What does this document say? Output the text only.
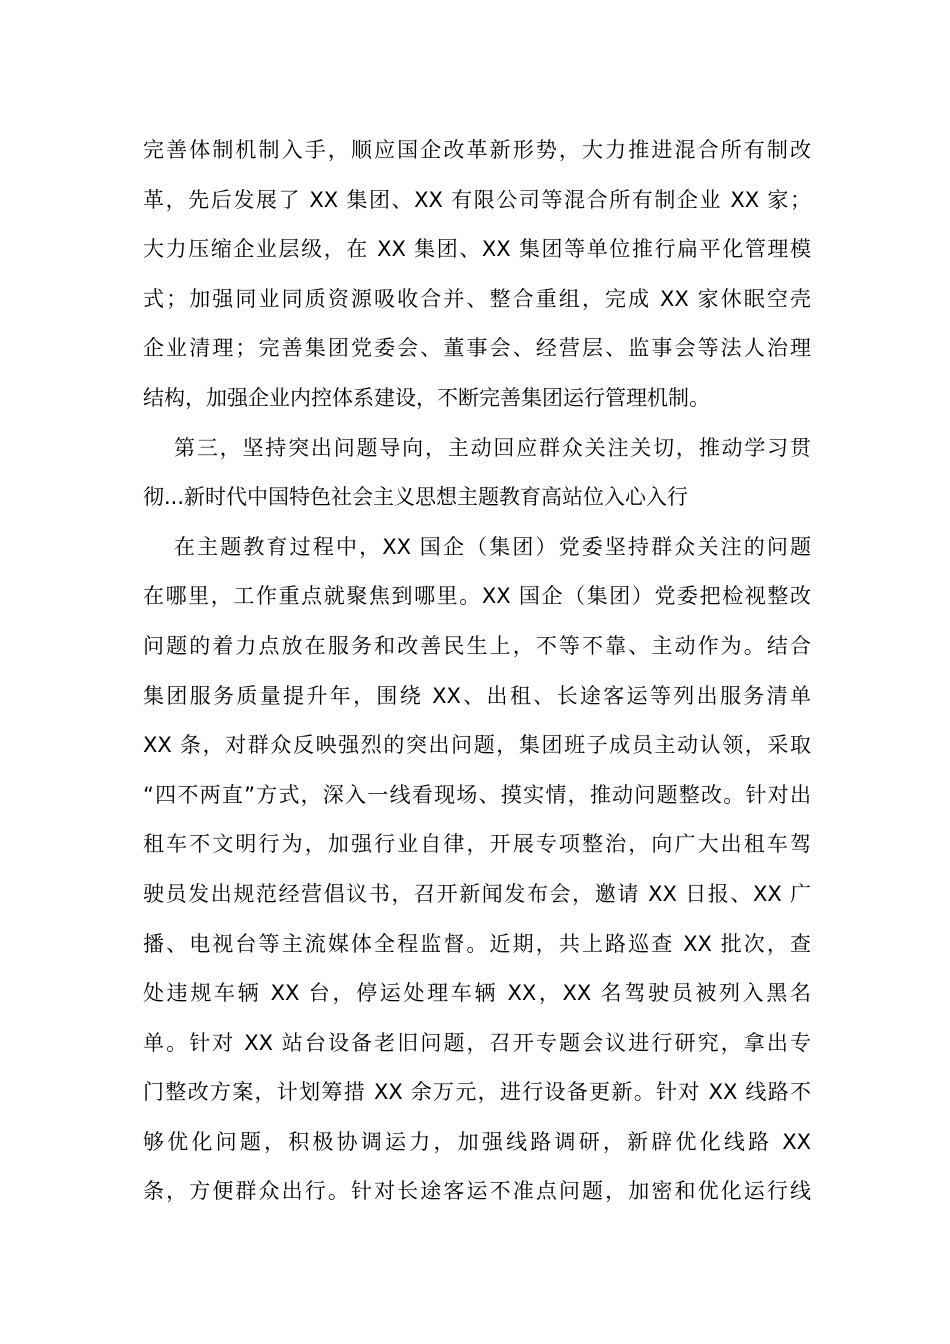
完善体制机制入手，顺应国企改革新形势，大力推进混合所有制改
革，先后发展了 XX 集团、XX 有限公司等混合所有制企业 XX 家；
大力压缩企业层级，在 XX 集团、XX 集团等单位推行扁平化管理模
式；加强同业同质资源吸收合并、整合重组，完成 XX 家休眠空壳
企业清理；完善集团党委会、董事会、经营层、监事会等法人治理
结构，加强企业内控体系建设，不断完善集团运行管理机制。
第三，坚持突出问题导向，主动回应群众关注关切，推动学习贯
彻...新时代中国特色社会主义思想主题教育高站位入心入行
在主题教育过程中，XX 国企（集团）党委坚持群众关注的问题
在哪里，工作重点就聚焦到哪里。XX 国企（集团）党委把检视整改
问题的着力点放在服务和改善民生上，不等不靠、主动作为。结合
集团服务质量提升年，围绕 XX、出租、长途客运等列出服务清单
XX 条，对群众反映强烈的突出问题，集团班子成员主动认领，采取
“四不两直”方式，深入一线看现场、摸实情，推动问题整改。针对出
租车不文明行为，加强行业自律，开展专项整治，向广大出租车驾
驶员发出规范经营倡议书，召开新闻发布会，邀请 XX 日报、XX 广
播、电视台等主流媒体全程监督。近期，共上路巡查 XX 批次，查
处违规车辆 XX 台，停运处理车辆 XX，XX 名驾驶员被列入黑名
单。针对 XX 站台设备老旧问题，召开专题会议进行研究，拿出专
门整改方案，计划筹措 XX 余万元，进行设备更新。针对 XX 线路不
够优化问题，积极协调运力，加强线路调研，新辟优化线路 XX
条，方便群众出行。针对长途客运不准点问题，加密和优化运行线
